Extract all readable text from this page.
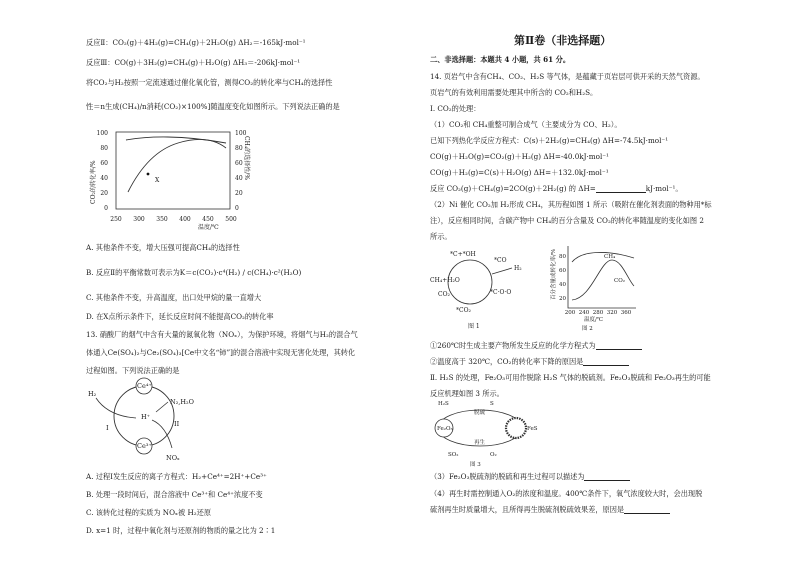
反应Ⅱ：CO₂(g)＋4H₂(g)=CH₄(g)＋2H₂O(g) ΔH₂＝-165kJ·mol⁻¹
反应Ⅲ：CO(g)＋3H₂(g)=CH₄(g)＋H₂O(g) ΔH₃＝-206kJ·mol⁻¹
将CO₂与H₂按照一定流速通过催化氧化管，测得CO₂的转化率与CH₄的选择性
性＝n生成(CH₄)/n消耗(CO₂)×100%]随温度变化如图所示。下列说法正确的是
100
80
60
40
20
0
100
80
60
40
20
0
250 300 350 400 450 500
温度/℃
X
CO₂的转化率/%
CH₄的选择性/%
A. 其他条件不变，增大压强可提高CH₄的选择性
B. 反应Ⅱ的平衡常数可表示为K＝c(CO₂)·c⁴(H₂) / c(CH₄)·c²(H₂O)
C. 其他条件不变，升高温度，出口处甲烷的量一直增大
D. 在X点所示条件下，延长反应时间不能提高CO₂的转化率
13. 硝酸厂的烟气中含有大量的氮氧化物（NOₓ），为保护环境，将烟气与H₂的混合气
体通入Ce(SO₄)₂与Ce₂(SO₄)₃[Ce中文名“铈”]的混合溶液中实现无害化处理，其转化
过程如图。下列说法正确的是
H₂
Ce⁴⁺
Ce³⁺
H⁺
N₂,H₂O
NOₓ
I	II
A. 过程Ⅰ发生反应的离子方程式：H₂+Ce⁴⁺=2H⁺+Ce³⁺
B. 处理一段时间后，混合溶液中 Ce³⁺和 Ce⁴⁺浓度不变
C. 该转化过程的实质为 NOₓ被 H₂还原
D. x=1 时，过程中氧化剂与还原剂的物质的量之比为 2∶1
第Ⅱ卷（非选择题）
二、非选择题：本题共 4 小题，共 61 分。
14. 页岩气中含有CH₄、CO₂、H₂S 等气体，是蕴藏于页岩层可供开采的天然气资源。
页岩气的有效利用需要处理其中所含的 CO₂和H₂S。
Ⅰ. CO₂的处理：
（1）CO₂和 CH₄重整可制合成气（主要成分为 CO、H₂）。
已知下列热化学反应方程式：C(s)＋2H₂(g)=CH₄(g) ΔH=-74.5kJ·mol⁻¹
CO(g)＋H₂O(g)=CO₂(g)＋H₂(g) ΔH=-40.0kJ·mol⁻¹
CO(g)＋H₂(g)=C(s)＋H₂O(g) ΔH=＋132.0kJ·mol⁻¹
反应 CO₂(g)＋CH₄(g)=2CO(g)＋2H₂(g) 的 ΔH=	kJ·mol⁻¹。
（2）Ni 催化 CO₂加 H₂形成 CH₄，其历程如图 1 所示（吸附在催化剂表面的物种用*标
注），反应相同时间，含碳产物中 CH₄的百分含量及 CO₂的转化率随温度的变化如图 2
所示。
*C+*OH
*CO
CH₄+H₂O
H₂
CO₂
*CO₂
*C·O·O
图 1
百分含量或转化率/% 80
60
40
20
200 240 280 320 360
温度/℃
CH₄
CO₂
图 2
①260℃时生成主要产物所发生反应的化学方程式为
②温度高于 320℃，CO₂的转化率下降的原因是
Ⅱ. H₂S 的处理，Fe₂O₃可用作脱除 H₂S 气体的脱硫剂。Fe₂O₃脱硫和 Fe₂O₃再生的可能
反应机理如图 3 所示。
H₂S	S
脱硫
再生
Fe₂O₃	FeS
SO₂	O₂
图 3
（3）Fe₂O₃脱硫剂的脱硫和再生过程可以描述为
（4）再生时需控制通入O₂的浓度和温度。400℃条件下，氧气浓度较大时，会出现脱
硫剂再生时质量增大，且所得再生脱硫剂脱硫效果差，原因是
